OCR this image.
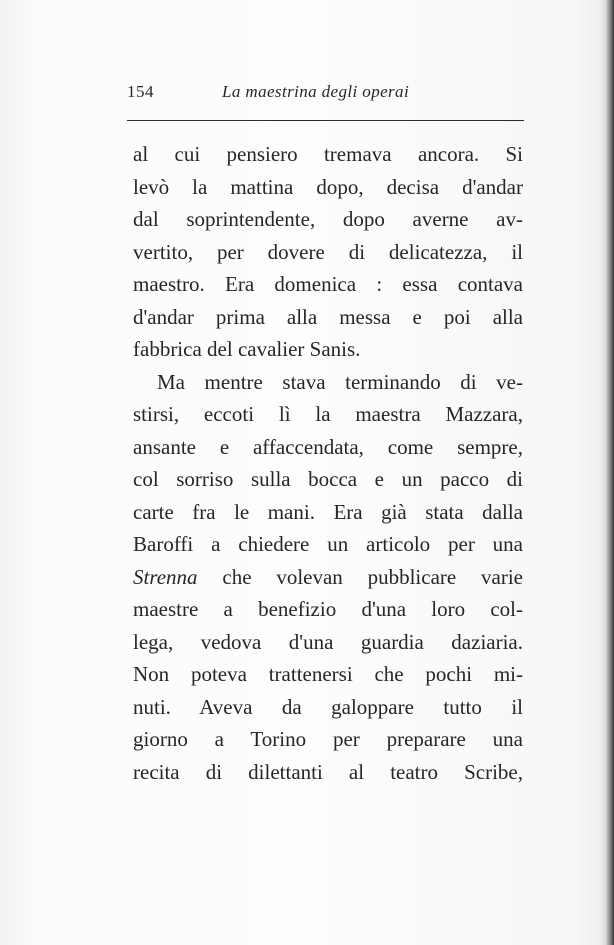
154	La maestrina degli operai
al cui pensiero tremava ancora. Si
levò la mattina dopo, decisa d'andar
dal soprintendente, dopo averne av-
vertito, per dovere di delicatezza, il
maestro. Era domenica : essa contava
d'andar prima alla messa e poi alla
fabbrica del cavalier Sanis.
Ma mentre stava terminando di ve-
stirsi, eccoti lì la maestra Mazzara,
ansante e affaccendata, come sempre,
col sorriso sulla bocca e un pacco di
carte fra le mani. Era già stata dalla
Baroffi a chiedere un articolo per una
Strenna che volevan pubblicare varie
maestre a benefizio d'una loro col-
lega, vedova d'una guardia daziaria.
Non poteva trattenersi che pochi mi-
nuti. Aveva da galoppare tutto il
giorno a Torino per preparare una
recita di dilettanti al teatro Scribe,
